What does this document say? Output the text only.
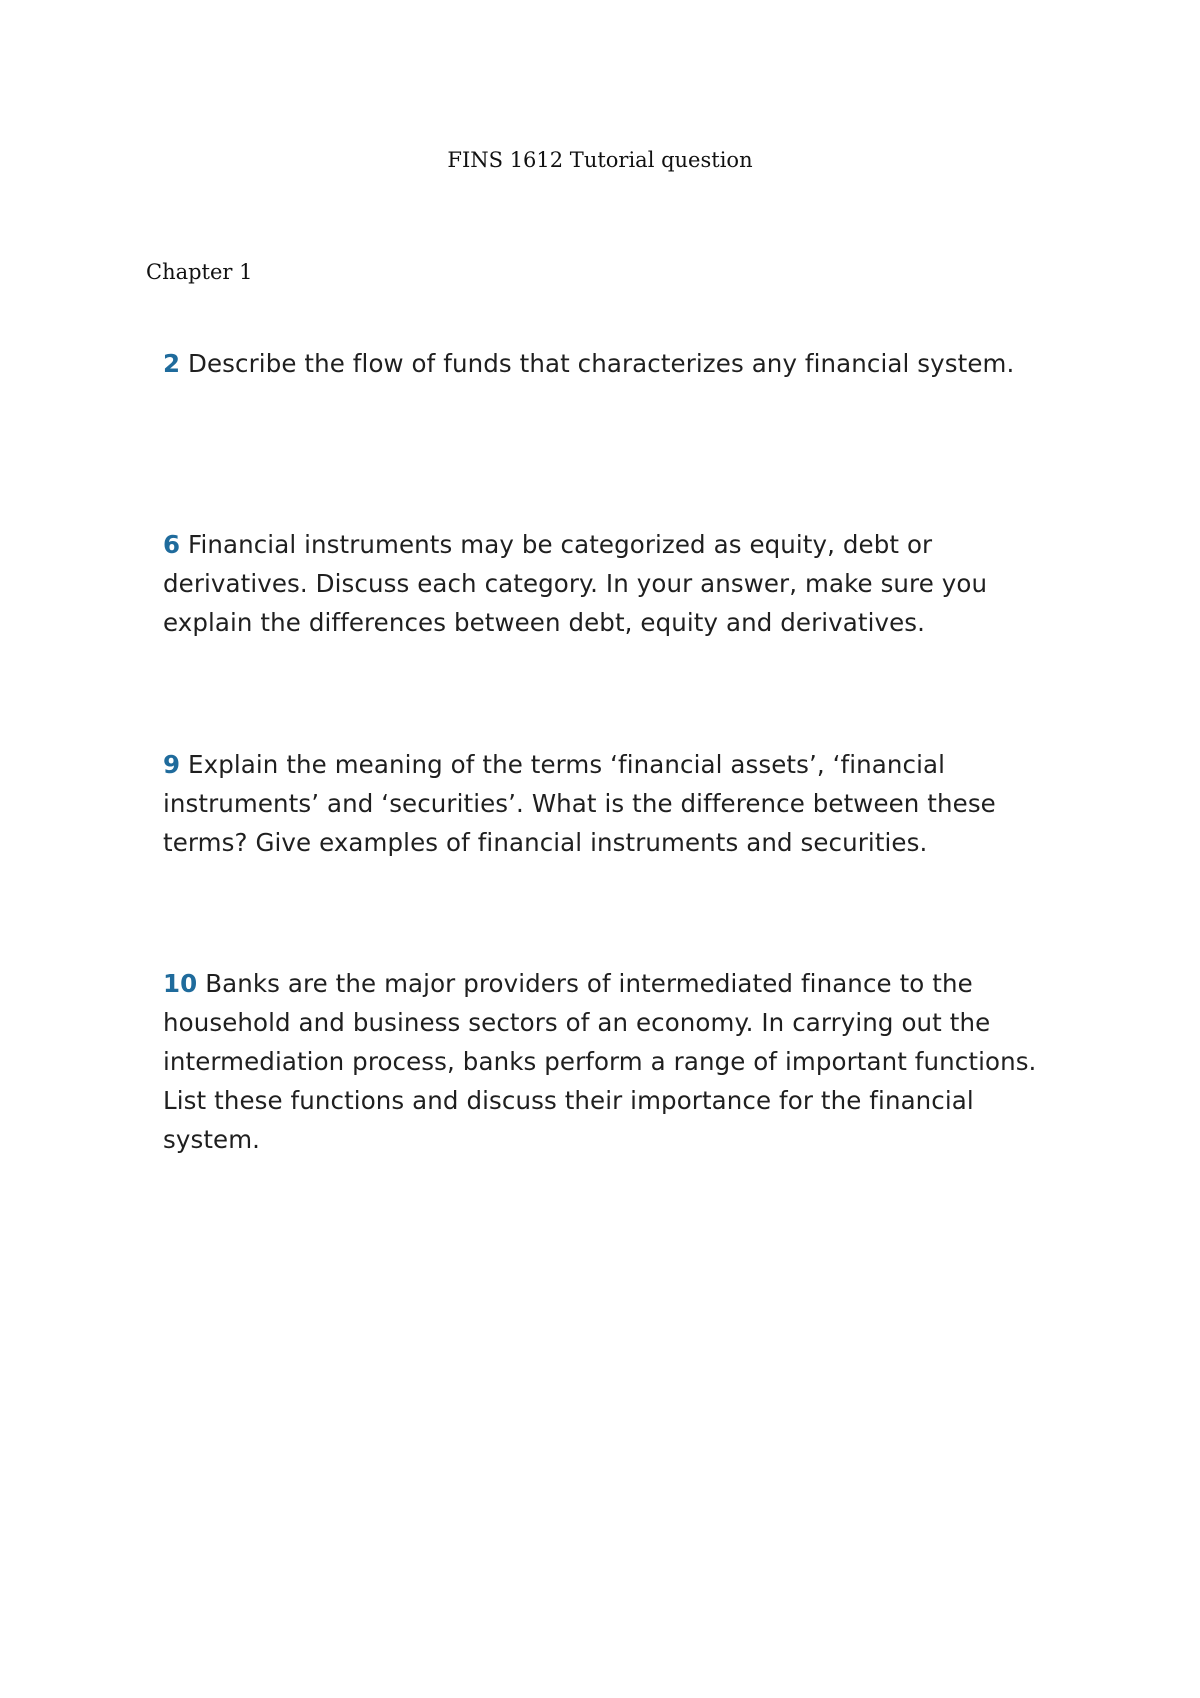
FINS 1612 Tutorial question
Chapter 1

2 Describe the flow of funds that characterizes any financial system.

6 Financial instruments may be categorized as equity, debt or derivatives. Discuss each category. In your answer, make sure you explain the differences between debt, equity and derivatives.

9 Explain the meaning of the terms ‘financial assets’, ‘financial instruments’ and ‘securities’. What is the difference between these terms? Give examples of financial instruments and securities.

10 Banks are the major providers of intermediated finance to the household and business sectors of an economy. In carrying out the intermediation process, banks perform a range of important functions. List these functions and discuss their importance for the financial system.
